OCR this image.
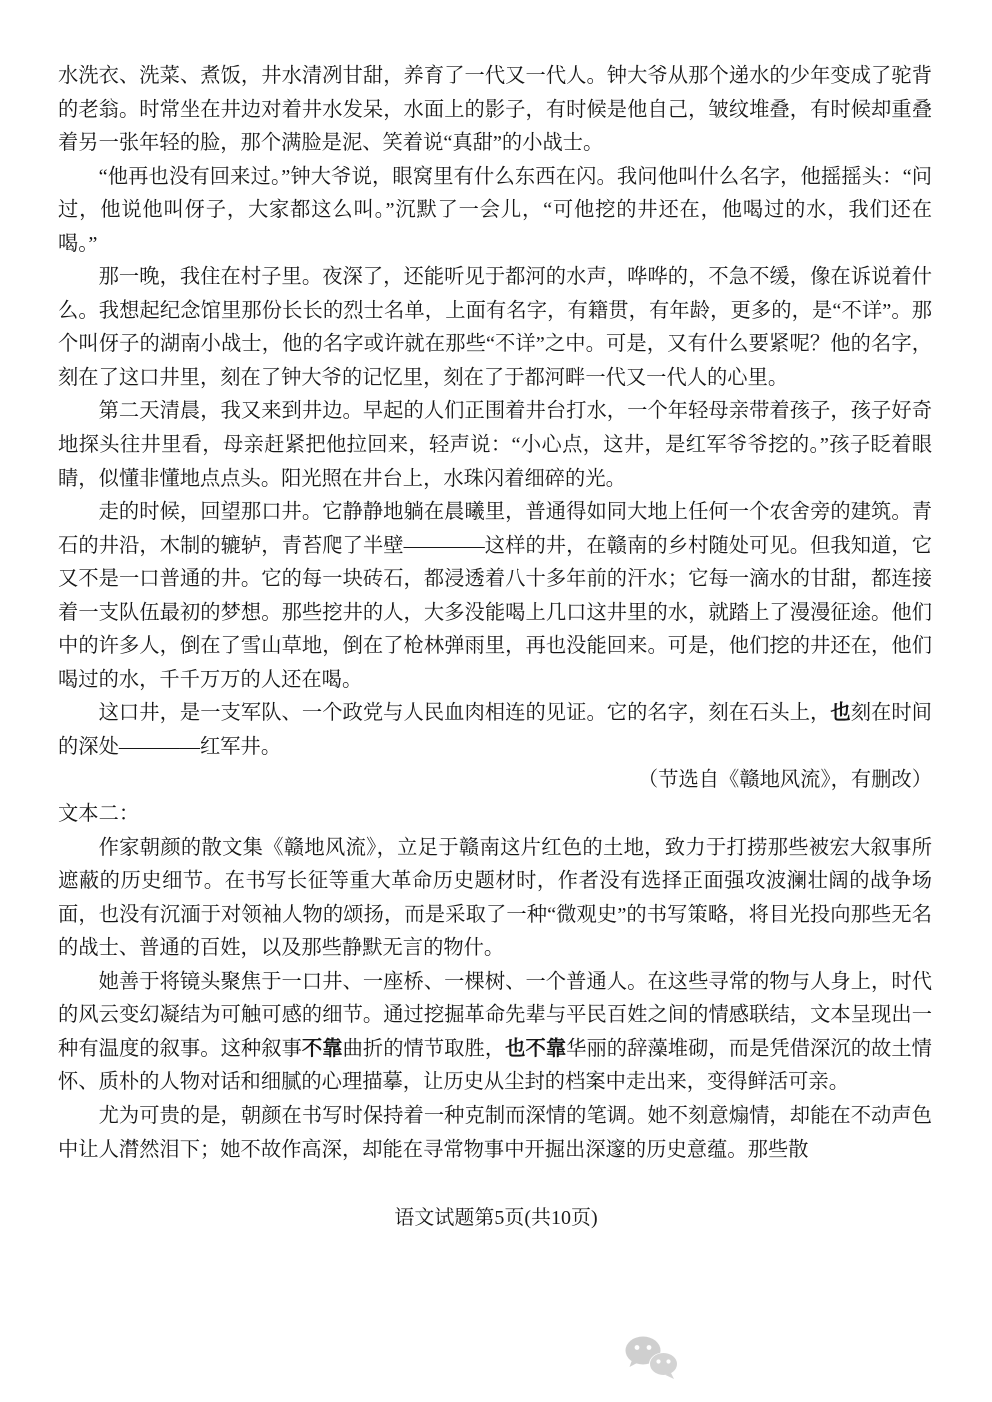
水洗衣、洗菜、煮饭，井水清冽甘甜，养育了一代又一代人。钟大爷从那个递水的少年变成了驼背的老翁。时常坐在井边对着井水发呆，水面上的影子，有时候是他自己，皱纹堆叠，有时候却重叠着另一张年轻的脸，那个满脸是泥、笑着说“真甜”的小战士。

“他再也没有回来过。”钟大爷说，眼窝里有什么东西在闪。我问他叫什么名字，他摇摇头：“问过，他说他叫伢子，大家都这么叫。”沉默了一会儿，“可他挖的井还在，他喝过的水，我们还在喝。”

那一晚，我住在村子里。夜深了，还能听见于都河的水声，哗哗的，不急不缓，像在诉说着什么。我想起纪念馆里那份长长的烈士名单，上面有名字，有籍贯，有年龄，更多的，是“不详”。那个叫伢子的湖南小战士，他的名字或许就在那些“不详”之中。可是，又有什么要紧呢？他的名字，刻在了这口井里，刻在了钟大爷的记忆里，刻在了于都河畔一代又一代人的心里。

第二天清晨，我又来到井边。早起的人们正围着井台打水，一个年轻母亲带着孩子，孩子好奇地探头往井里看，母亲赶紧把他拉回来，轻声说：“小心点，这井，是红军爷爷挖的。”孩子眨着眼睛，似懂非懂地点点头。阳光照在井台上，水珠闪着细碎的光。

走的时候，回望那口井。它静静地躺在晨曦里，普通得如同大地上任何一个农舍旁的建筑。青石的井沿，木制的辘轳，青苔爬了半壁————这样的井，在赣南的乡村随处可见。但我知道，它又不是一口普通的井。它的每一块砖石，都浸透着八十多年前的汗水；它每一滴水的甘甜，都连接着一支队伍最初的梦想。那些挖井的人，大多没能喝上几口这井里的水，就踏上了漫漫征途。他们中的许多人，倒在了雪山草地，倒在了枪林弹雨里，再也没能回来。可是，他们挖的井还在，他们喝过的水，千千万万的人还在喝。

这口井，是一支军队、一个政党与人民血肉相连的见证。它的名字，刻在石头上，也刻在时间的深处————红军井。

（节选自《赣地风流》，有删改）

文本二：

作家朝颜的散文集《赣地风流》，立足于赣南这片红色的土地，致力于打捞那些被宏大叙事所遮蔽的历史细节。在书写长征等重大革命历史题材时，作者没有选择正面强攻波澜壮阔的战争场面，也没有沉湎于对领袖人物的颂扬，而是采取了一种“微观史”的书写策略，将目光投向那些无名的战士、普通的百姓，以及那些静默无言的物什。

她善于将镜头聚焦于一口井、一座桥、一棵树、一个普通人。在这些寻常的物与人身上，时代的风云变幻凝结为可触可感的细节。通过挖掘革命先辈与平民百姓之间的情感联结，文本呈现出一种有温度的叙事。这种叙事不靠曲折的情节取胜，也不靠华丽的辞藻堆砌，而是凭借深沉的故土情怀、质朴的人物对话和细腻的心理描摹，让历史从尘封的档案中走出来，变得鲜活可亲。

尤为可贵的是，朝颜在书写时保持着一种克制而深情的笔调。她不刻意煽情，却能在不动声色中让人潸然泪下；她不故作高深，却能在寻常物事中开掘出深邃的历史意蕴。那些散

语文试题第5页(共10页)
